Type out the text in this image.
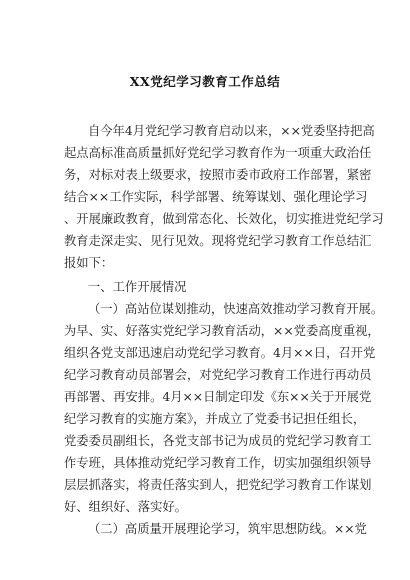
XX党纪学习教育工作总结
自今年4月党纪学习教育启动以来，××党委坚持把高
起点高标准高质量抓好党纪学习教育作为一项重大政治任
务，对标对表上级要求，按照市委市政府工作部署，紧密
结合××工作实际，科学部署、统筹谋划、强化理论学习
、开展廉政教育，做到常态化、长效化，切实推进党纪学习
教育走深走实、见行见效。现将党纪学习教育工作总结汇
报如下：
一、工作开展情况
（一）高站位谋划推动，快速高效推动学习教育开展。
为早、实、好落实党纪学习教育活动，××党委高度重视，
组织各党支部迅速启动党纪学习教育。4月××日，召开党
纪学习教育动员部署会，对党纪学习教育工作进行再动员
再部署、再安排。4月××日制定印发《东××关于开展党
纪学习教育的实施方案》，并成立了党委书记担任组长，
党委委员副组长，各党支部书记为成员的党纪学习教育工
作专班，具体推动党纪学习教育工作，切实加强组织领导
层层抓落实，将责任落实到人，把党纪学习教育工作谋划
好、组织好、落实好。
（二）高质量开展理论学习，筑牢思想防线。××党
